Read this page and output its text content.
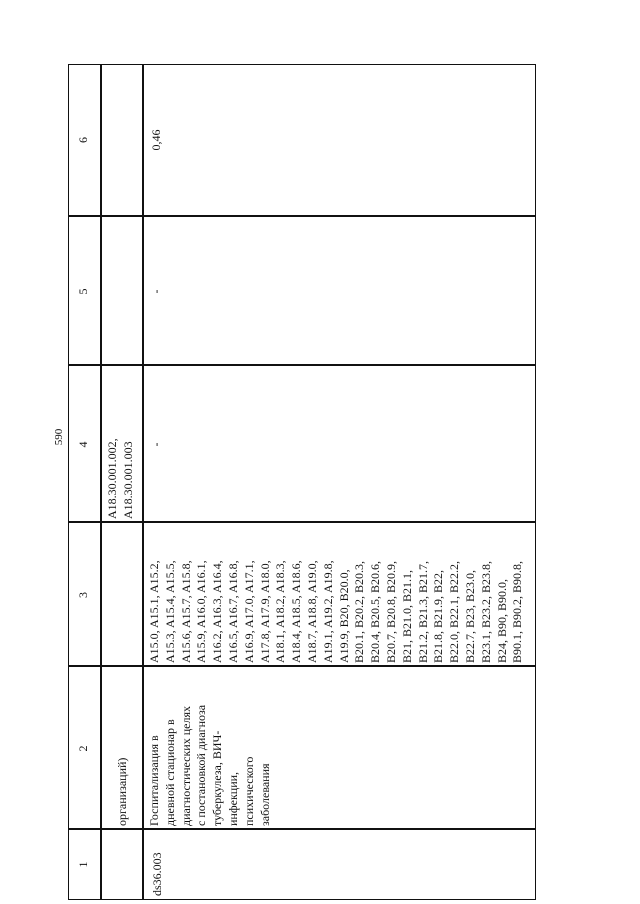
590
1
2
3
4
5
6
организаций)
A18.30.001.002, A18.30.001.003
ds36.003
Госпитализация в дневной стационар в диагностических целях с постановкой диагноза туберкулеза, ВИЧ- инфекции, психического заболевания
A15.0, A15.1, A15.2, A15.3, A15.4, A15.5, A15.6, A15.7, A15.8, A15.9, A16.0, A16.1, A16.2, A16.3, A16.4, A16.5, A16.7, A16.8, A16.9, A17.0, A17.1, A17.8, A17.9, A18.0, A18.1, A18.2, A18.3, A18.4, A18.5, A18.6, A18.7, A18.8, A19.0, A19.1, A19.2, A19.8, A19.9, B20, B20.0, B20.1, B20.2, B20.3, B20.4, B20.5, B20.6, B20.7, B20.8, B20.9, B21, B21.0, B21.1, B21.2, B21.3, B21.7, B21.8, B21.9, B22, B22.0, B22.1, B22.2, B22.7, B23, B23.0, B23.1, B23.2, B23.8, B24, B90, B90.0, B90.1, B90.2, B90.8,
-
-
0,46
